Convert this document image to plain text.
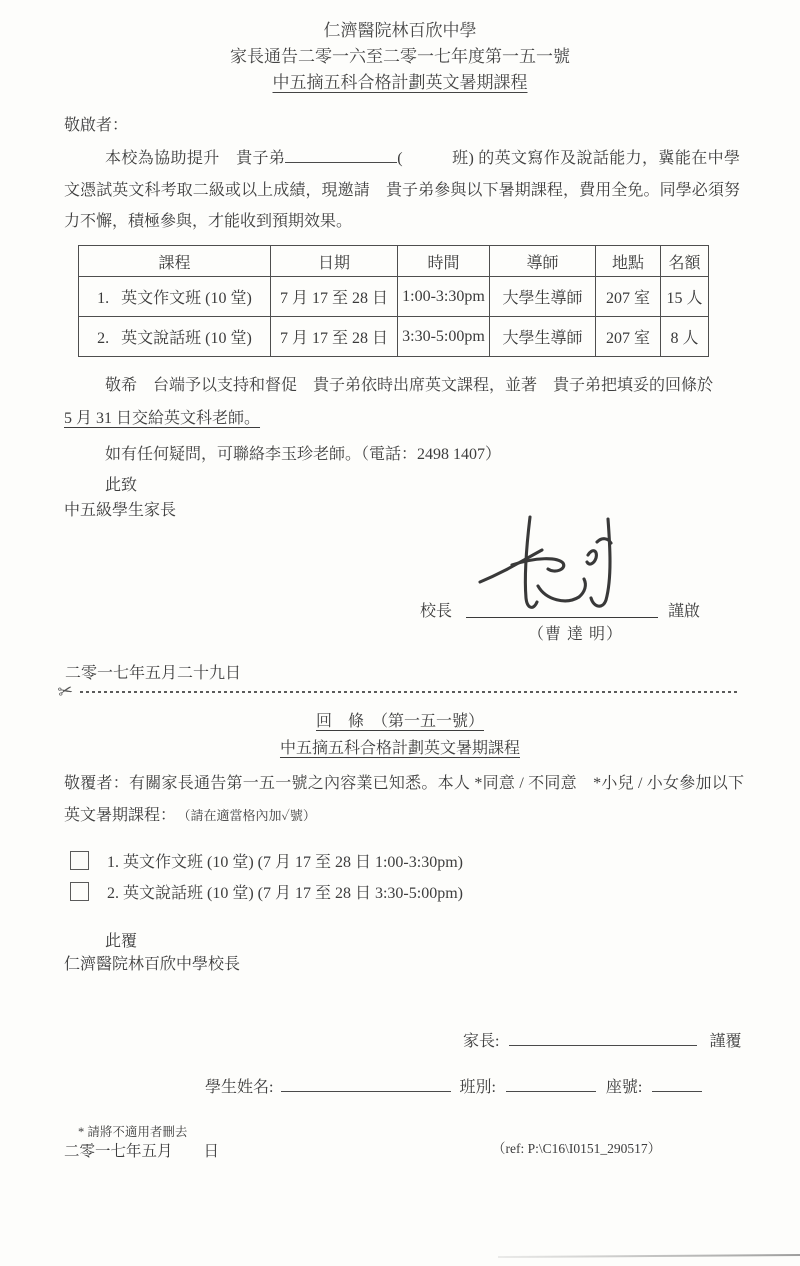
仁濟醫院林百欣中學
家長通告二零一六至二零一七年度第一五一號
中五摘五科合格計劃英文暑期課程
敬啟者：
本校為協助提升　貴子弟	(　　　班) 的英文寫作及說話能力，冀能在中學文憑試英文科考取二級或以上成績，現邀請　貴子弟參與以下暑期課程，費用全免。同學必須努力不懈，積極參與，才能收到預期效果。
課程	日期	時間	導師	地點	名額
1.   英文作文班 (10 堂)	7 月 17 至 28 日	1:00-3:30pm	大學生導師	207 室	15 人
2.   英文說話班 (10 堂)	7 月 17 至 28 日	3:30-5:00pm	大學生導師	207 室	8 人
敬希　台端予以支持和督促　貴子弟依時出席英文課程，並著　貴子弟把填妥的回條於
5 月 31 日交給英文科老師。
如有任何疑問，可聯絡李玉珍老師。（電話：2498 1407）
此致
中五級學生家長
校長	謹啟
（曹 達 明）
二零一七年五月二十九日
✂
回　條　（第一五一號）
中五摘五科合格計劃英文暑期課程
敬覆者：有關家長通告第一五一號之內容業已知悉。本人 *同意 / 不同意　*小兒 / 小女參加以下英文暑期課程：　（請在適當格內加✓號）
1. 英文作文班 (10 堂) (7 月 17 至 28 日 1:00-3:30pm)
2. 英文說話班 (10 堂) (7 月 17 至 28 日 3:30-5:00pm)
此覆
仁濟醫院林百欣中學校長
家長:	謹覆
學生姓名:	班別:	座號:
* 請將不適用者刪去
二零一七年五月　　日	（ref: P:\C16\I0151_290517）
